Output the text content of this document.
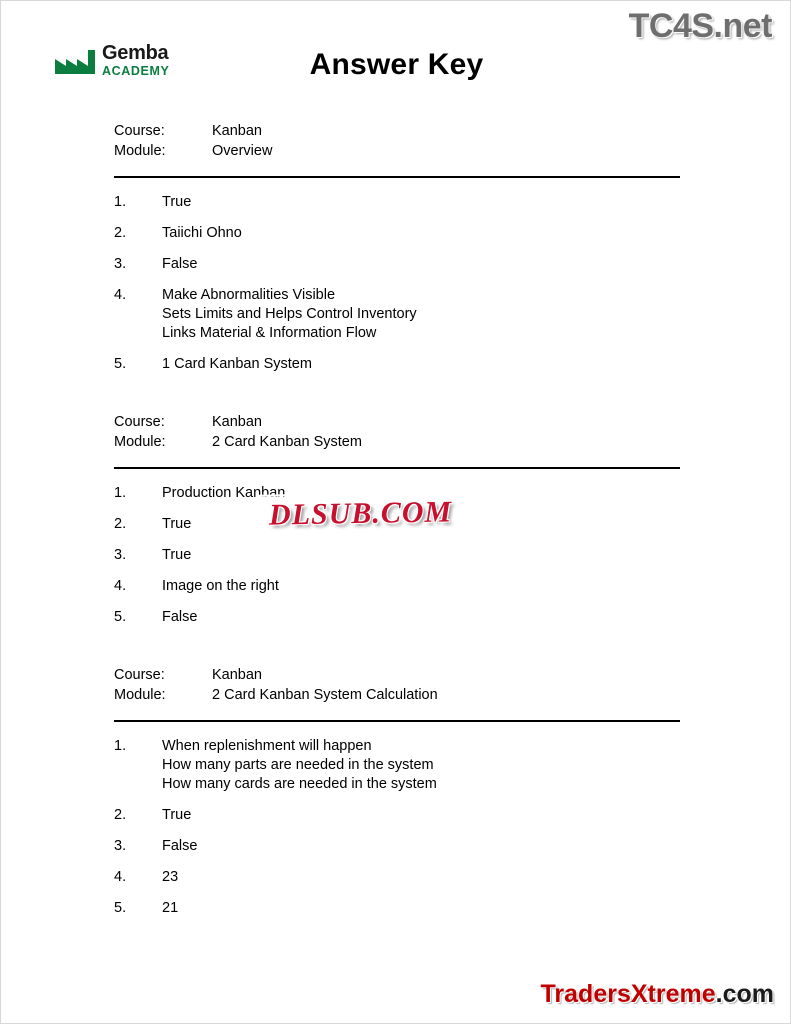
TC4S.net
Gemba
ACADEMY	Answer Key
Course:	Kanban
Module:	Overview
1.	True
2.	Taiichi Ohno
3.	False
4.	Make Abnormalities Visible
Sets Limits and Helps Control Inventory
Links Material & Information Flow
5.	1 Card Kanban System
Course:	Kanban
Module:	2 Card Kanban System
1.	Production Kanban
2.	True
3.	True
4.	Image on the right
5.	False
Course:	Kanban
Module:	2 Card Kanban System Calculation
1.	When replenishment will happen
How many parts are needed in the system
How many cards are needed in the system
2.	True
3.	False
4.	23
5.	21
DLSUB.COM
TradersXtreme.com
